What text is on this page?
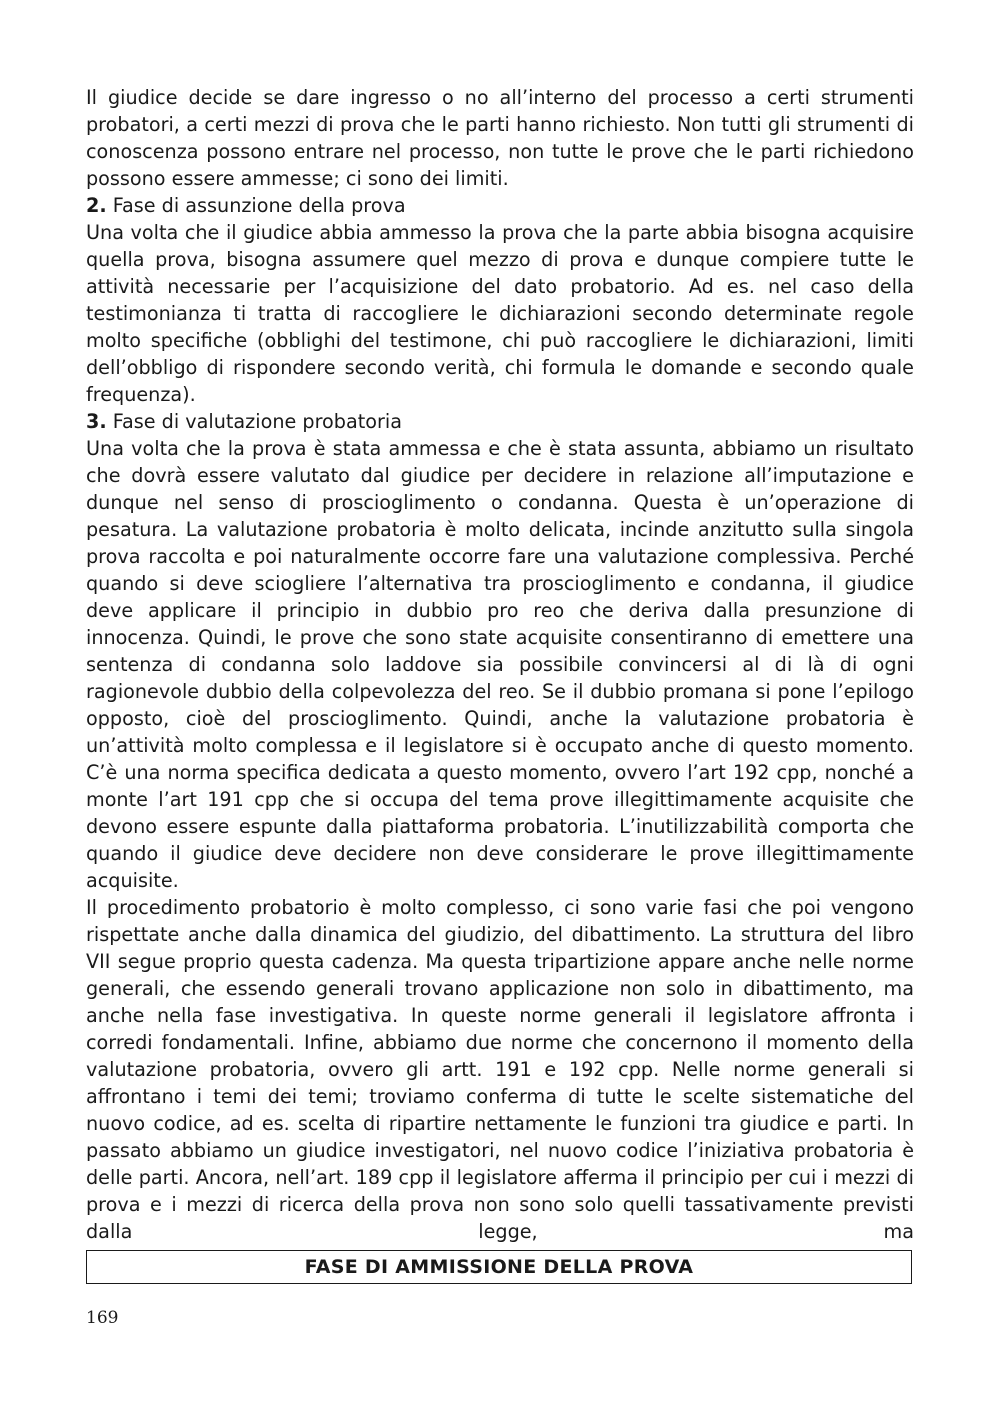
Il giudice decide se dare ingresso o no all’interno del processo a certi strumenti probatori, a certi mezzi di prova che le parti hanno richiesto. Non tutti gli strumenti di conoscenza possono entrare nel processo, non tutte le prove che le parti richiedono possono essere ammesse; ci sono dei limiti.

2. Fase di assunzione della prova

Una volta che il giudice abbia ammesso la prova che la parte abbia bisogna acquisire quella prova, bisogna assumere quel mezzo di prova e dunque compiere tutte le attività necessarie per l’acquisizione del dato probatorio. Ad es. nel caso della testimonianza ti tratta di raccogliere le dichiarazioni secondo determinate regole molto specifiche (obblighi del testimone, chi può raccogliere le dichiarazioni, limiti dell’obbligo di rispondere secondo verità, chi formula le domande e secondo quale frequenza).

3. Fase di valutazione probatoria

Una volta che la prova è stata ammessa e che è stata assunta, abbiamo un risultato che dovrà essere valutato dal giudice per decidere in relazione all’imputazione e dunque nel senso di proscioglimento o condanna. Questa è un’operazione di pesatura. La valutazione probatoria è molto delicata, incinde anzitutto sulla singola prova raccolta e poi naturalmente occorre fare una valutazione complessiva. Perché quando si deve sciogliere l’alternativa tra proscioglimento e condanna, il giudice deve applicare il principio in dubbio pro reo che deriva dalla presunzione di innocenza. Quindi, le prove che sono state acquisite consentiranno di emettere una sentenza di condanna solo laddove sia possibile convincersi al di là di ogni ragionevole dubbio della colpevolezza del reo. Se il dubbio promana si pone l’epilogo opposto, cioè del proscioglimento. Quindi, anche la valutazione probatoria è un’attività molto complessa e il legislatore si è occupato anche di questo momento. C’è una norma specifica dedicata a questo momento, ovvero l’art 192 cpp, nonché a monte l’art 191 cpp che si occupa del tema prove illegittimamente acquisite che devono essere espunte dalla piattaforma probatoria. L’inutilizzabilità comporta che quando il giudice deve decidere non deve considerare le prove illegittimamente acquisite.

Il procedimento probatorio è molto complesso, ci sono varie fasi che poi vengono rispettate anche dalla dinamica del giudizio, del dibattimento. La struttura del libro VII segue proprio questa cadenza. Ma questa tripartizione appare anche nelle norme generali, che essendo generali trovano applicazione non solo in dibattimento, ma anche nella fase investigativa. In queste norme generali il legislatore affronta i corredi fondamentali. Infine, abbiamo due norme che concernono il momento della valutazione probatoria, ovvero gli artt. 191 e 192 cpp. Nelle norme generali si affrontano i temi dei temi; troviamo conferma di tutte le scelte sistematiche del nuovo codice, ad es. scelta di ripartire nettamente le funzioni tra giudice e parti. In passato abbiamo un giudice investigatori, nel nuovo codice l’iniziativa probatoria è delle parti. Ancora, nell’art. 189 cpp il legislatore afferma il principio per cui i mezzi di prova e i mezzi di ricerca della prova non sono solo quelli tassativamente previsti dalla legge, ma

FASE DI AMMISSIONE DELLA PROVA
169
